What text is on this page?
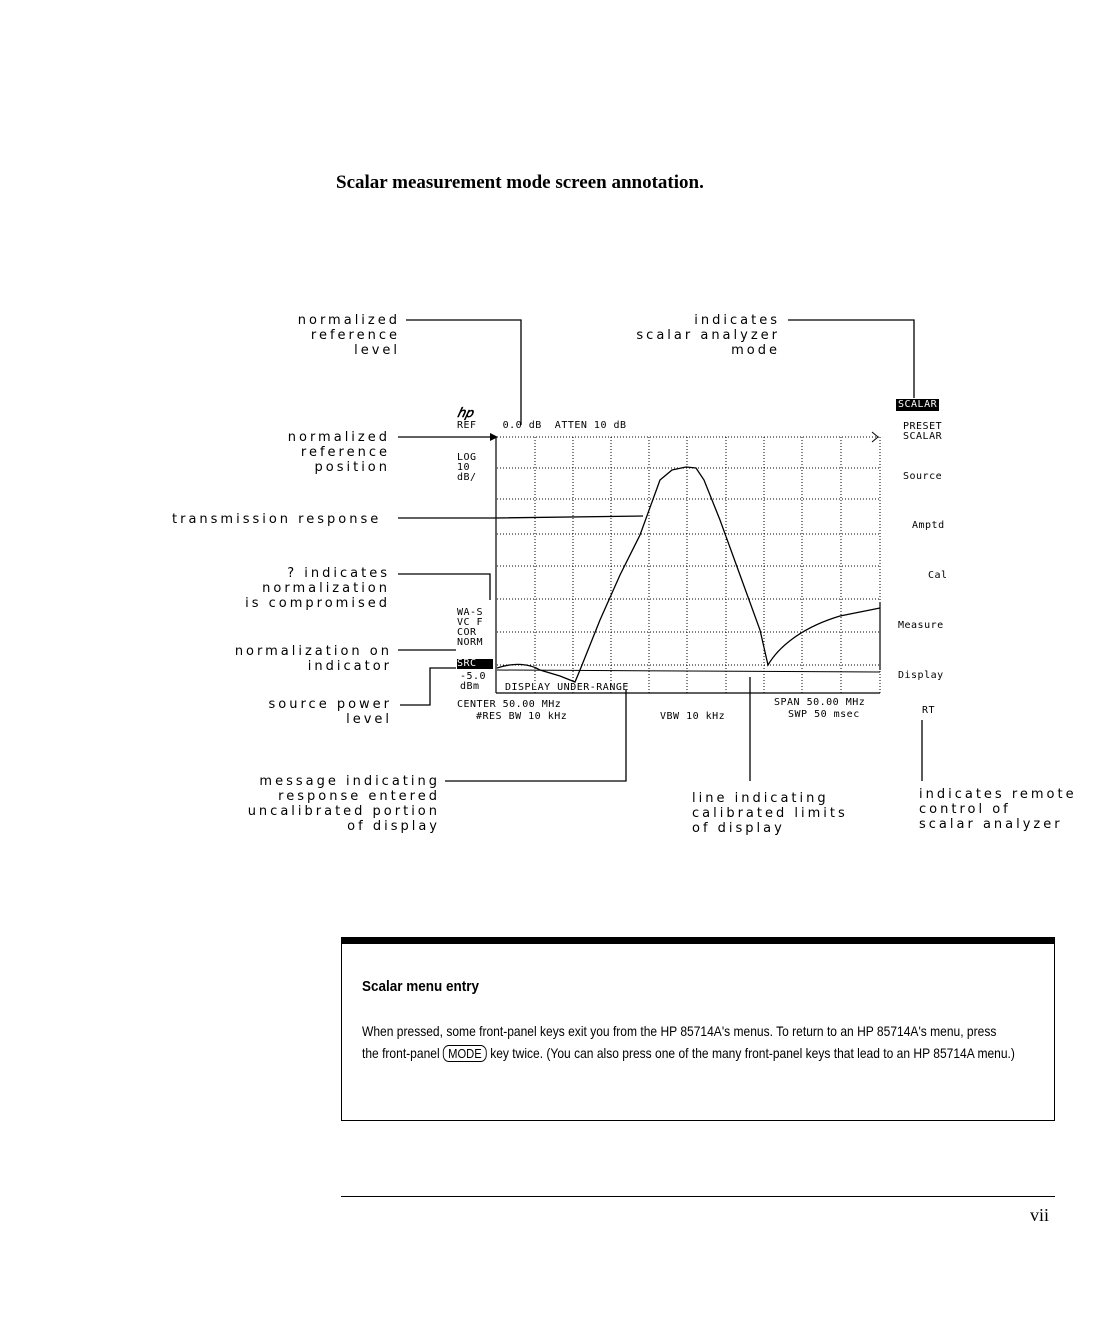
Scalar measurement mode screen annotation.
normalized
reference
level
indicates
scalar analyzer
mode
normalized
reference
position
transmission response
? indicates
normalization
is compromised
normalization on
indicator
source power
level
message indicating
response entered
uncalibrated portion
of display
line indicating
calibrated limits
of display
indicates remote
control of
scalar analyzer
ℎ𝑝
REF    0.0 dB  ATTEN 10 dB
LOG
10
dB/
WA-S
VC F
COR
NORM
SRC
-5.0
dBm	DISPLAY UNDER-RANGE
CENTER 50.00 MHz
#RES BW 10 kHz	VBW 10 kHz
SPAN 50.00 MHz
SWP 50 msec
SCALAR
PRESET
SCALAR
Source
Amptd
Cal
Measure
Display
RT
Scalar menu entry
When pressed, some front-panel keys exit you from the HP 85714A's menus. To return to an HP 85714A's menu, press the front-panel MODE key twice. (You can also press one of the many front-panel keys that lead to an HP 85714A menu.)
vii
